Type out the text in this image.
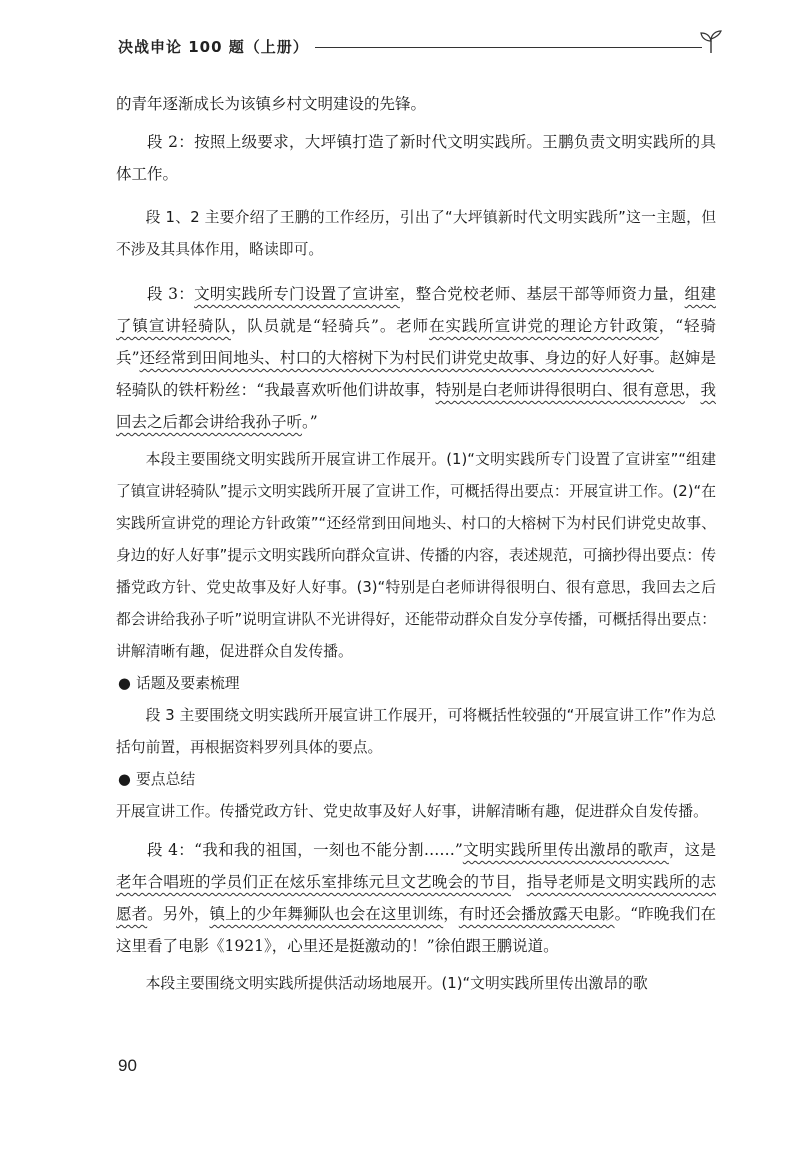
决战申论 100 题（上册）

的青年逐渐成长为该镇乡村文明建设的先锋。

段 2：按照上级要求，大坪镇打造了新时代文明实践所。王鹏负责文明实践所的具体工作。

段 1、2 主要介绍了王鹏的工作经历，引出了“大坪镇新时代文明实践所”这一主题，但不涉及其具体作用，略读即可。

段 3：文明实践所专门设置了宣讲室，整合党校老师、基层干部等师资力量，组建了镇宣讲轻骑队，队员就是“轻骑兵”。老师在实践所宣讲党的理论方针政策，“轻骑兵”还经常到田间地头、村口的大榕树下为村民们讲党史故事、身边的好人好事。赵婶是轻骑队的铁杆粉丝：“我最喜欢听他们讲故事，特别是白老师讲得很明白、很有意思，我回去之后都会讲给我孙子听。”

本段主要围绕文明实践所开展宣讲工作展开。(1)“文明实践所专门设置了宣讲室”“组建了镇宣讲轻骑队”提示文明实践所开展了宣讲工作，可概括得出要点：开展宣讲工作。(2)“在实践所宣讲党的理论方针政策”“还经常到田间地头、村口的大榕树下为村民们讲党史故事、身边的好人好事”提示文明实践所向群众宣讲、传播的内容，表述规范，可摘抄得出要点：传播党政方针、党史故事及好人好事。(3)“特别是白老师讲得很明白、很有意思，我回去之后都会讲给我孙子听”说明宣讲队不光讲得好，还能带动群众自发分享传播，可概括得出要点：讲解清晰有趣，促进群众自发传播。

● 话题及要素梳理

段 3 主要围绕文明实践所开展宣讲工作展开，可将概括性较强的“开展宣讲工作”作为总括句前置，再根据资料罗列具体的要点。

● 要点总结

开展宣讲工作。传播党政方针、党史故事及好人好事，讲解清晰有趣，促进群众自发传播。

段 4：“我和我的祖国，一刻也不能分割……”文明实践所里传出激昂的歌声，这是老年合唱班的学员们正在炫乐室排练元旦文艺晚会的节目，指导老师是文明实践所的志愿者。另外，镇上的少年舞狮队也会在这里训练，有时还会播放露天电影。“昨晚我们在这里看了电影《1921》，心里还是挺激动的！”徐伯跟王鹏说道。

本段主要围绕文明实践所提供活动场地展开。(1)“文明实践所里传出激昂的歌

90
